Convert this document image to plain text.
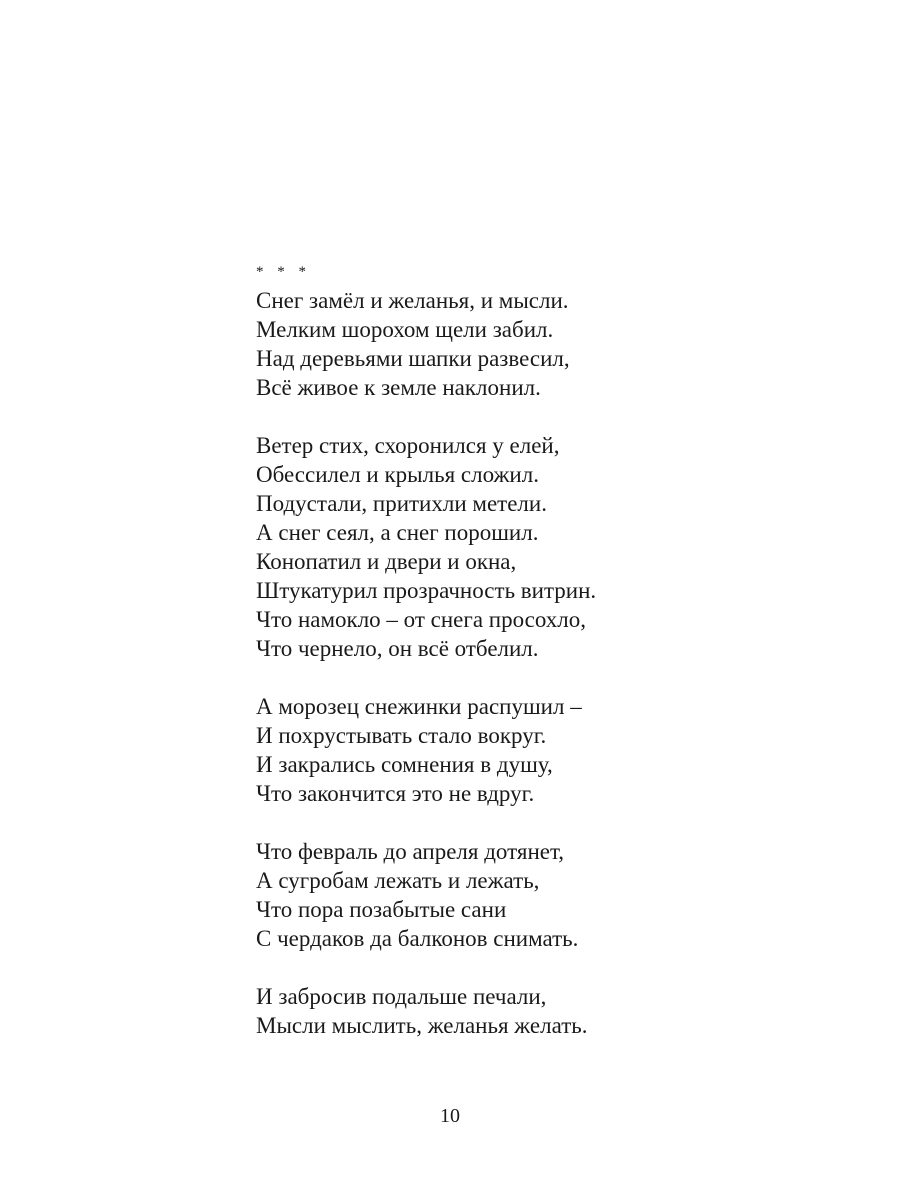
* * *
Снег замёл и желанья, и мысли.
Мелким шорохом щели забил.
Над деревьями шапки развесил,
Всё живое к земле наклонил.
Ветер стих, схоронился у елей,
Обессилел и крылья сложил.
Подустали, притихли метели.
А снег сеял, а снег порошил.
Конопатил и двери и окна,
Штукатурил прозрачность витрин.
Что намокло – от снега просохло,
Что чернело, он всё отбелил.
А морозец снежинки распушил –
И похрустывать стало вокруг.
И закрались сомнения в душу,
Что закончится это не вдруг.
Что февраль до апреля дотянет,
А сугробам лежать и лежать,
Что пора позабытые сани
С чердаков да балконов снимать.
И забросив подальше печали,
Мысли мыслить, желанья желать.
10
